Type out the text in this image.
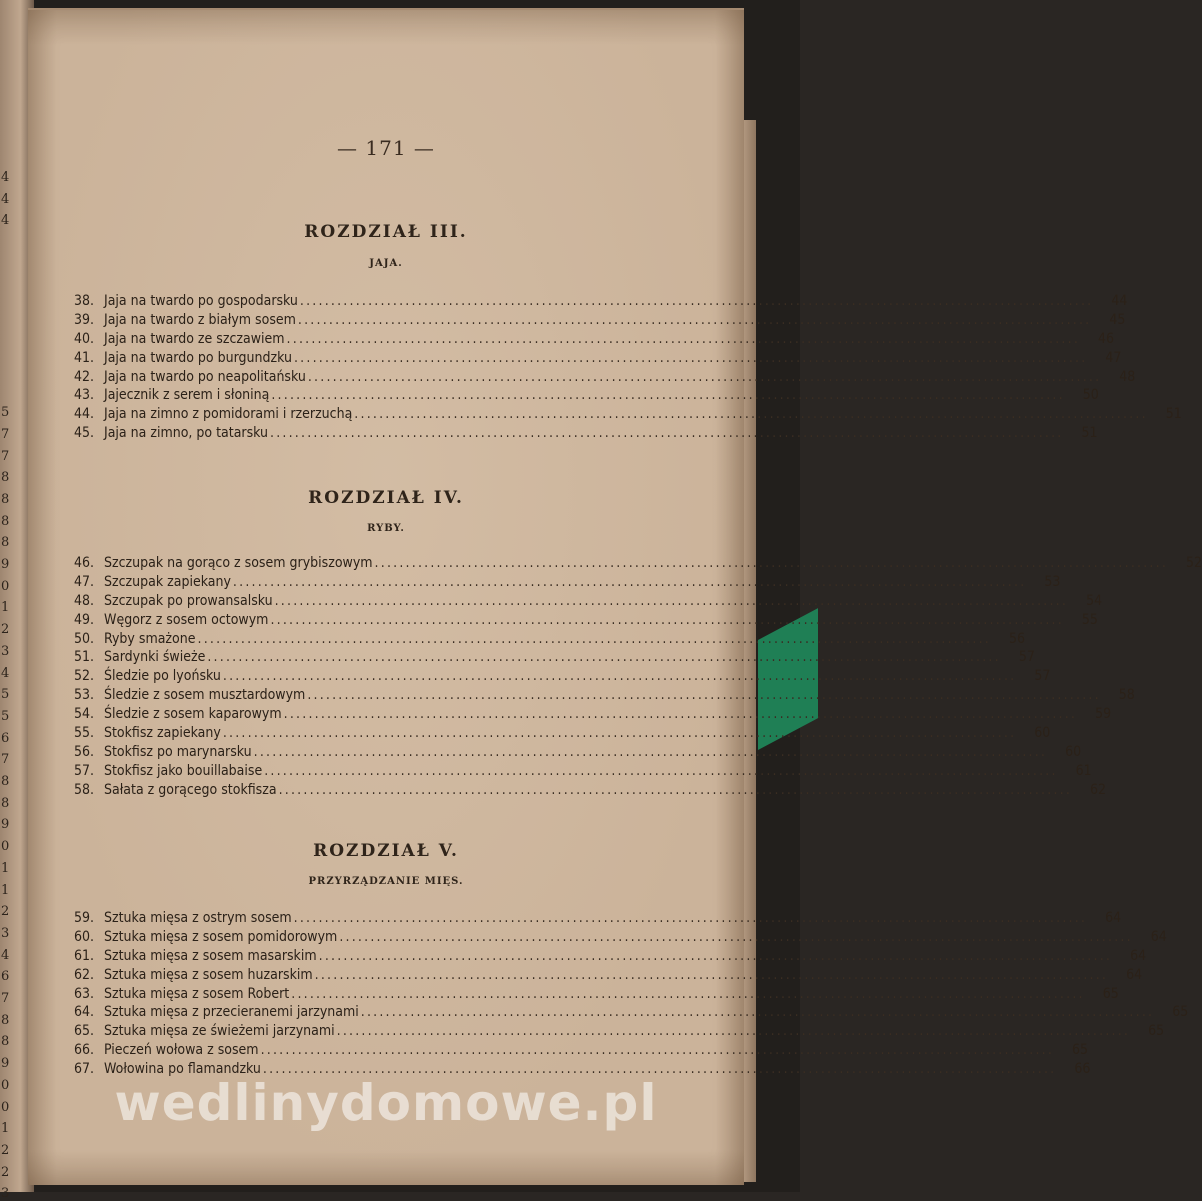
4
4
4
5
7
7
8
8
8
8
9
0
1
2
3
4
5
5
6
7
8
8
9
0
1
1
2
3
4
6
7
8
8
9
0
0
1
2
2
3
— 171 —
ROZDZIAŁ III.
JAJA.
38. Jaja na twardo po gospodarsku .....	44
39. Jaja na twardo z białym sosem .....	45
40. Jaja na twardo ze szczawiem .....	46
41. Jaja na twardo po burgundzku .....	47
42. Jaja na twardo po neapolitańsku .....	48
43. Jajecznik z serem i słoniną .....	50
44. Jaja na zimno z pomidorami i rzerzuchą .....	51
45. Jaja na zimno, po tatarsku .....	51
ROZDZIAŁ IV.
RYBY.
46. Szczupak na gorąco z sosem grybiszowym .....	52
47. Szczupak zapiekany .....	53
48. Szczupak po prowansalsku .....	54
49. Węgorz z sosem octowym .....	55
50. Ryby smażone .....	56
51. Sardynki świeże .....	57
52. Śledzie po lyońsku .....	57
53. Śledzie z sosem musztardowym .....	58
54. Śledzie z sosem kaparowym .....	59
55. Stokfisz zapiekany .....	60
56. Stokfisz po marynarsku .....	60
57. Stokfisz jako bouillabaise .....	61
58. Sałata z gorącego stokfisza .....	62
ROZDZIAŁ V.
PRZYRZĄDZANIE MIĘS.
59. Sztuka mięsa z ostrym sosem .....	64
60. Sztuka mięsa z sosem pomidorowym .....	64
61. Sztuka mięsa z sosem masarskim .....	64
62. Sztuka mięsa z sosem huzarskim .....	64
63. Sztuka mięsa z sosem Robert .....	65
64. Sztuka mięsa z przecieranemi jarzynami .....	65
65. Sztuka mięsa ze świeżemi jarzynami .....	65
66. Pieczeń wołowa z sosem .....	65
67. Wołowina po flamandzku .....	66
wedlinydomowe.pl
